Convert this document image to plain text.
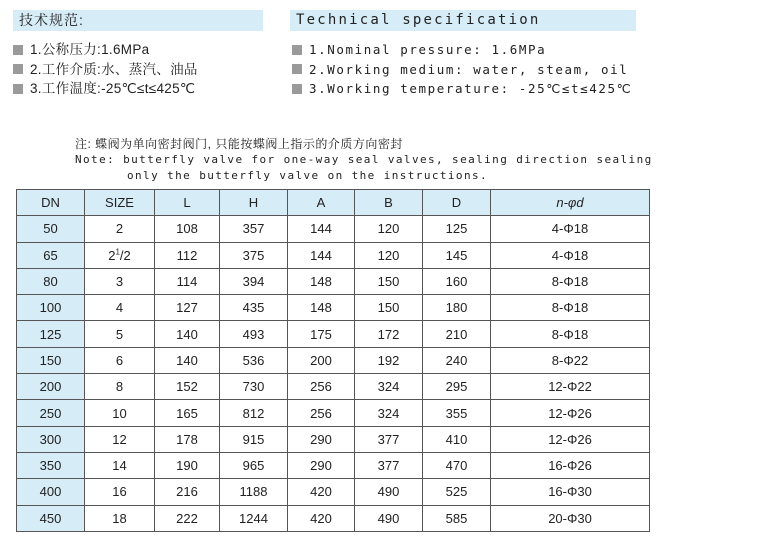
技术规范:	Technical specification
1.公称压力:1.6MPa
2.工作介质:水、蒸汽、油品
3.工作温度:-25℃≤t≤425℃
1.Nominal pressure: 1.6MPa
2.Working medium: water, steam, oil
3.Working temperature: -25℃≤t≤425℃
注: 蝶阀为单向密封阀门, 只能按蝶阀上指示的介质方向密封
Note: butterfly valve for one-way seal valves, sealing direction sealing
only the butterfly valve on the instructions.
DN	SIZE	L	H	A	B	D	n-φd
50	2	108	357	144	120	125	4-Φ18
65	$2^1/2$	112	375	144	120	145	4-Φ18
80	3	114	394	148	150	160	8-Φ18
100	4	127	435	148	150	180	8-Φ18
125	5	140	493	175	172	210	8-Φ18
150	6	140	536	200	192	240	8-Φ22
200	8	152	730	256	324	295	12-Φ22
250	10	165	812	256	324	355	12-Φ26
300	12	178	915	290	377	410	12-Φ26
350	14	190	965	290	377	470	16-Φ26
400	16	216	1188	420	490	525	16-Φ30
450	18	222	1244	420	490	585	20-Φ30
